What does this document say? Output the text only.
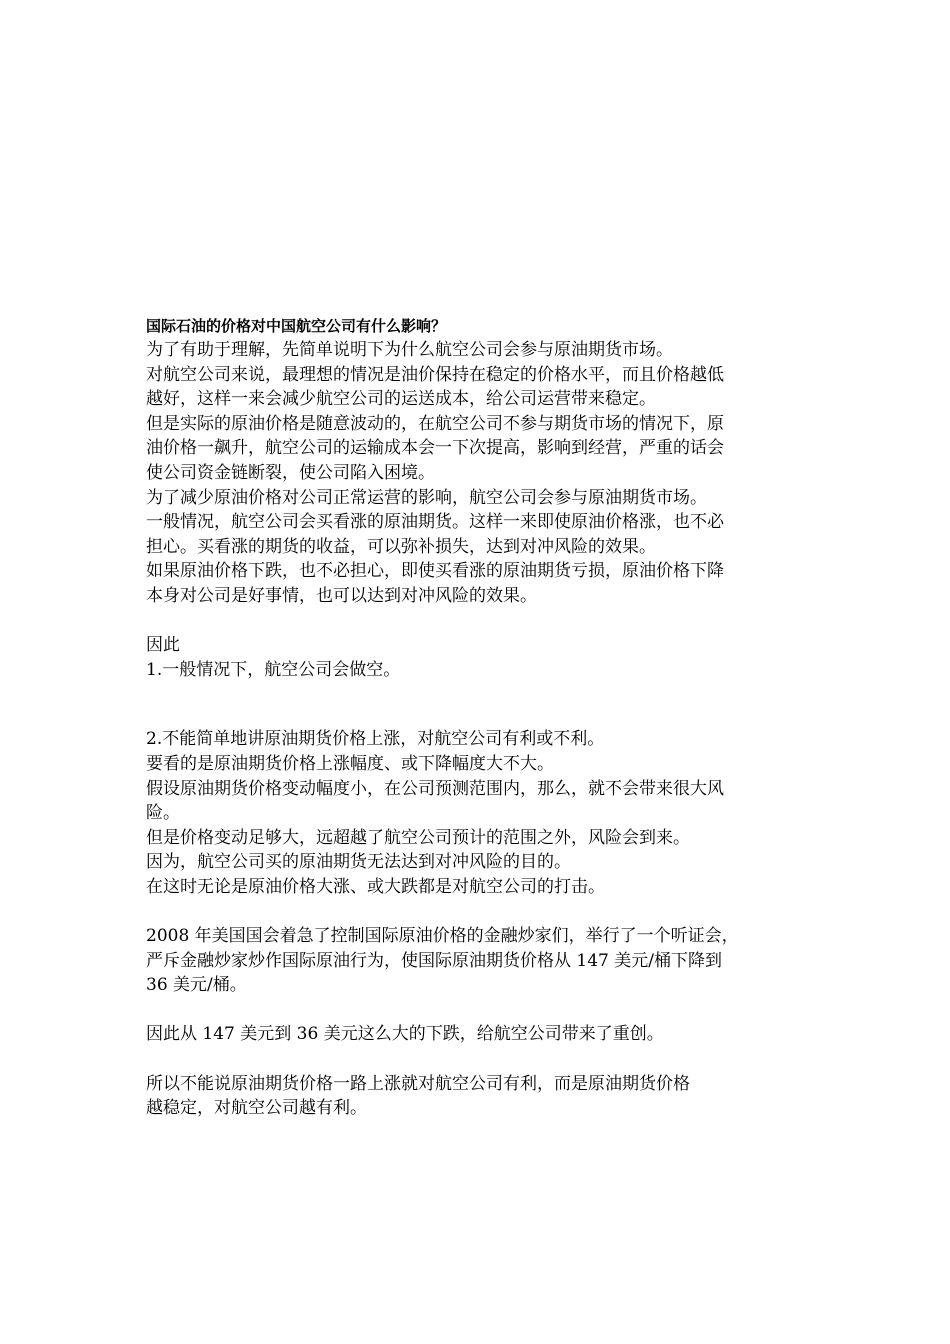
国际石油的价格对中国航空公司有什么影响？

为了有助于理解，先简单说明下为什么航空公司会参与原油期货市场。

对航空公司来说，最理想的情况是油价保持在稳定的价格水平，而且价格越低

越好，这样一来会减少航空公司的运送成本，给公司运营带来稳定。

但是实际的原油价格是随意波动的，在航空公司不参与期货市场的情况下，原

油价格一飙升，航空公司的运输成本会一下次提高，影响到经营，严重的话会

使公司资金链断裂，使公司陷入困境。

为了减少原油价格对公司正常运营的影响，航空公司会参与原油期货市场。

一般情况，航空公司会买看涨的原油期货。这样一来即使原油价格涨，也不必

担心。买看涨的期货的收益，可以弥补损失，达到对冲风险的效果。

如果原油价格下跌，也不必担心，即使买看涨的原油期货亏损，原油价格下降

本身对公司是好事情，也可以达到对冲风险的效果。

因此

1.一般情况下，航空公司会做空。

2.不能简单地讲原油期货价格上涨，对航空公司有利或不利。

要看的是原油期货价格上涨幅度、或下降幅度大不大。

假设原油期货价格变动幅度小，在公司预测范围内，那么，就不会带来很大风

险。

但是价格变动足够大，远超越了航空公司预计的范围之外，风险会到来。

因为，航空公司买的原油期货无法达到对冲风险的目的。

在这时无论是原油价格大涨、或大跌都是对航空公司的打击。

2008 年美国国会着急了控制国际原油价格的金融炒家们，举行了一个听证会，

严斥金融炒家炒作国际原油行为，使国际原油期货价格从 147 美元/桶下降到

36 美元/桶。

因此从 147 美元到 36 美元这么大的下跌，给航空公司带来了重创。

所以不能说原油期货价格一路上涨就对航空公司有利，而是原油期货价格

越稳定，对航空公司越有利。
